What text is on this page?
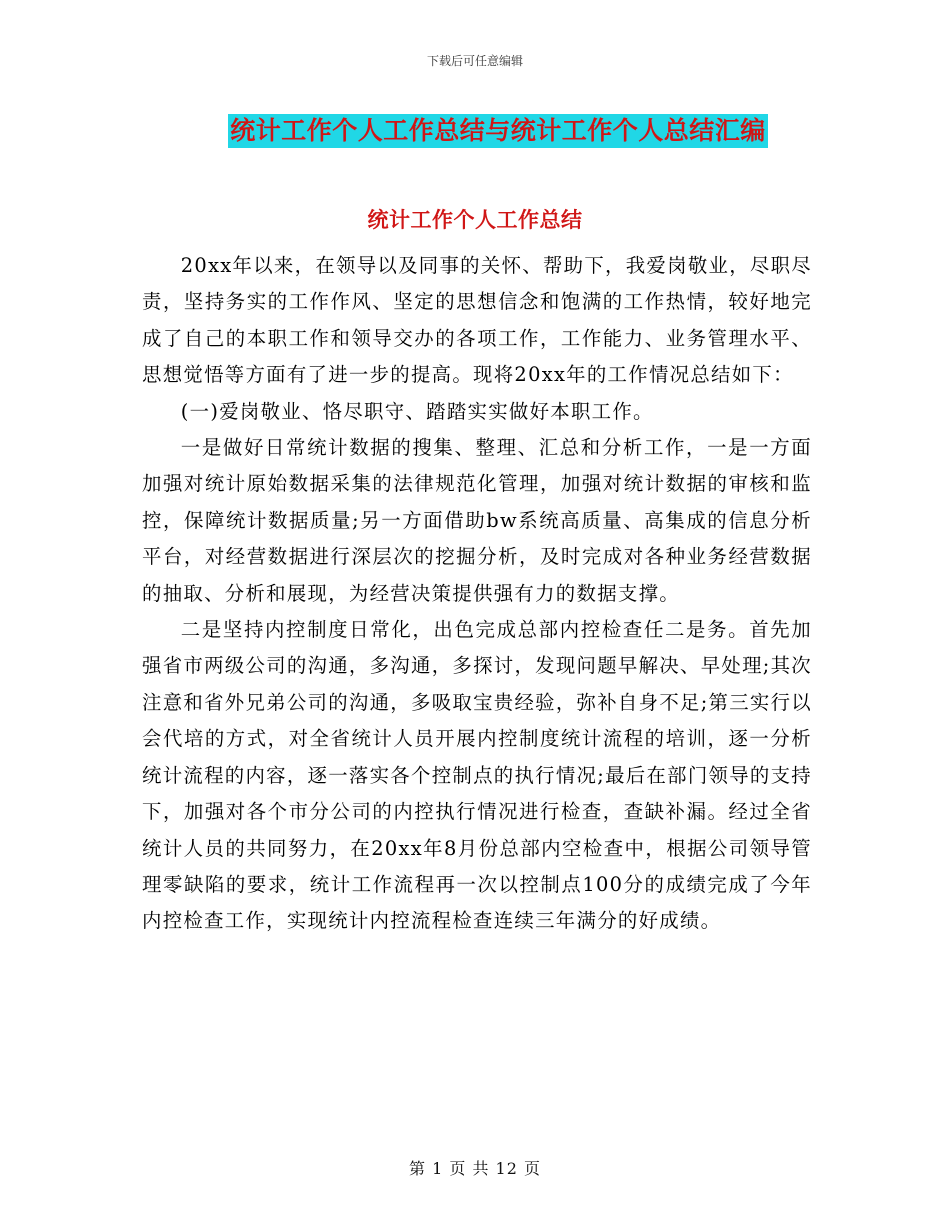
下载后可任意编辑
统计工作个人工作总结与统计工作个人总结汇编
统计工作个人工作总结

20xx年以来，在领导以及同事的关怀、帮助下，我爱岗敬业，尽职尽责，坚持务实的工作作风、坚定的思想信念和饱满的工作热情，较好地完成了自己的本职工作和领导交办的各项工作，工作能力、业务管理水平、思想觉悟等方面有了进一步的提高。现将20xx年的工作情况总结如下：

(一)爱岗敬业、恪尽职守、踏踏实实做好本职工作。

一是做好日常统计数据的搜集、整理、汇总和分析工作，一是一方面加强对统计原始数据采集的法律规范化管理，加强对统计数据的审核和监控，保障统计数据质量;另一方面借助bw系统高质量、高集成的信息分析平台，对经营数据进行深层次的挖掘分析，及时完成对各种业务经营数据的抽取、分析和展现，为经营决策提供强有力的数据支撑。

二是坚持内控制度日常化，出色完成总部内控检查任二是务。首先加强省市两级公司的沟通，多沟通，多探讨，发现问题早解决、早处理;其次注意和省外兄弟公司的沟通，多吸取宝贵经验，弥补自身不足;第三实行以会代培的方式，对全省统计人员开展内控制度统计流程的培训，逐一分析统计流程的内容，逐一落实各个控制点的执行情况;最后在部门领导的支持下，加强对各个市分公司的内控执行情况进行检查，查缺补漏。经过全省统计人员的共同努力，在20xx年8月份总部内空检查中，根据公司领导管理零缺陷的要求，统计工作流程再一次以控制点100分的成绩完成了今年内控检查工作，实现统计内控流程检查连续三年满分的好成绩。

第 1 页 共 12 页
